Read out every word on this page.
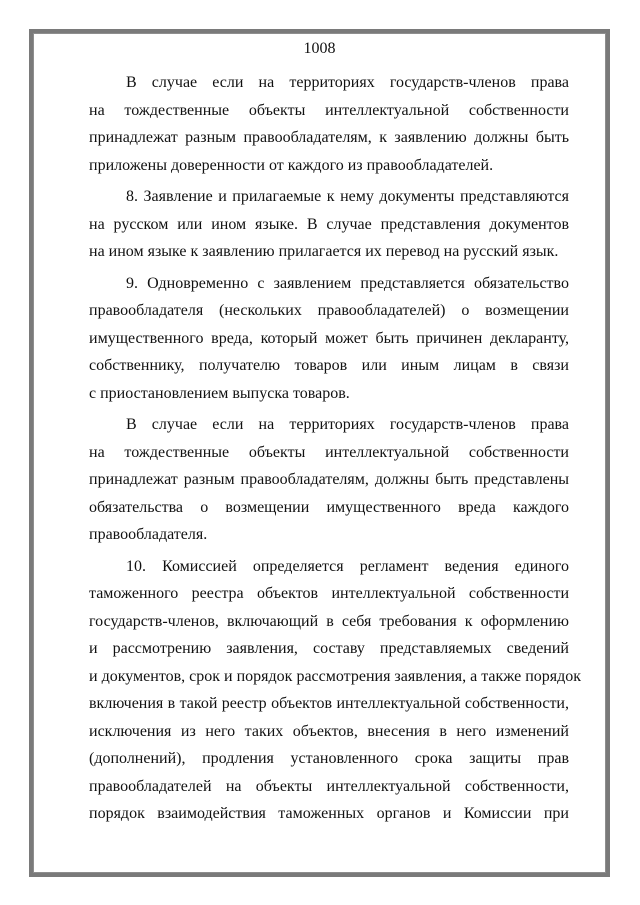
1008
В случае если на территориях государств-членов права
на тождественные объекты интеллектуальной собственности
принадлежат разным правообладателям, к заявлению должны быть
приложены доверенности от каждого из правообладателей.
8. Заявление и прилагаемые к нему документы представляются
на русском или ином языке. В случае представления документов
на ином языке к заявлению прилагается их перевод на русский язык.
9. Одновременно с заявлением представляется обязательство
правообладателя (нескольких правообладателей) о возмещении
имущественного вреда, который может быть причинен декларанту,
собственнику, получателю товаров или иным лицам в связи
с приостановлением выпуска товаров.
В случае если на территориях государств-членов права
на тождественные объекты интеллектуальной собственности
принадлежат разным правообладателям, должны быть представлены
обязательства о возмещении имущественного вреда каждого
правообладателя.
10. Комиссией определяется регламент ведения единого
таможенного реестра объектов интеллектуальной собственности
государств-членов, включающий в себя требования к оформлению
и рассмотрению заявления, составу представляемых сведений
и документов, срок и порядок рассмотрения заявления, а также порядок
включения в такой реестр объектов интеллектуальной собственности,
исключения из него таких объектов, внесения в него изменений
(дополнений), продления установленного срока защиты прав
правообладателей на объекты интеллектуальной собственности,
порядок взаимодействия таможенных органов и Комиссии при
